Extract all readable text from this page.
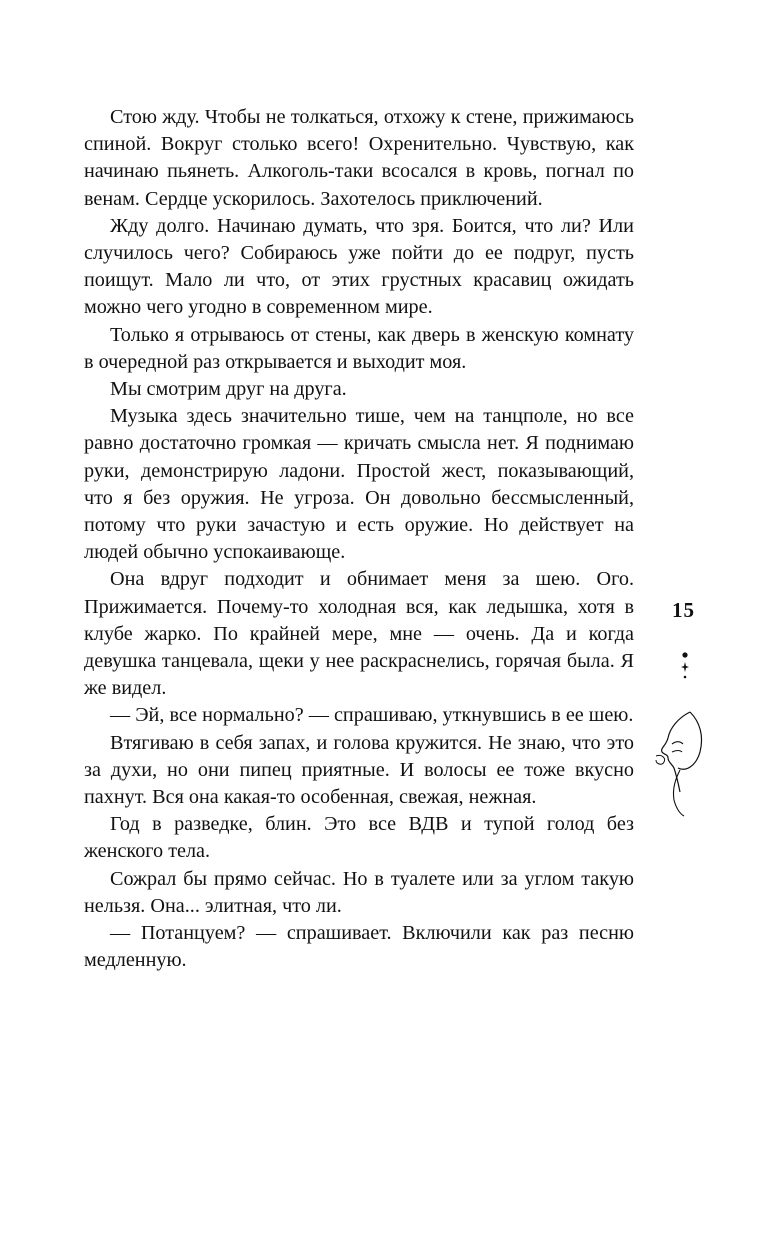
Стою жду. Чтобы не толкаться, отхожу к стене, прижимаюсь спиной. Вокруг столько всего! Охренительно. Чувствую, как начинаю пьянеть. Алкоголь-таки всосался в кровь, погнал по венам. Сердце ускорилось. Захотелось приключений.

Жду долго. Начинаю думать, что зря. Боится, что ли? Или случилось чего? Собираюсь уже пойти до ее подруг, пусть поищут. Мало ли что, от этих грустных красавиц ожидать можно чего угодно в современном мире.

Только я отрываюсь от стены, как дверь в женскую комнату в очередной раз открывается и выходит моя.

Мы смотрим друг на друга.

Музыка здесь значительно тише, чем на танцполе, но все равно достаточно громкая — кричать смысла нет. Я поднимаю руки, демонстрирую ладони. Простой жест, показывающий, что я без оружия. Не угроза. Он довольно бессмысленный, потому что руки зачастую и есть оружие. Но действует на людей обычно успокаивающе.

Она вдруг подходит и обнимает меня за шею. Ого. Прижимается. Почему-то холодная вся, как ледышка, хотя в клубе жарко. По крайней мере, мне — очень. Да и когда девушка танцевала, щеки у нее раскраснелись, горячая была. Я же видел.

— Эй, все нормально? — спрашиваю, уткнувшись в ее шею.

Втягиваю в себя запах, и голова кружится. Не знаю, что это за духи, но они пипец приятные. И волосы ее тоже вкусно пахнут. Вся она какая-то особенная, свежая, нежная.

Год в разведке, блин. Это все ВДВ и тупой голод без женского тела.

Сожрал бы прямо сейчас. Но в туалете или за углом такую нельзя. Она... элитная, что ли.

— Потанцуем? — спрашивает. Включили как раз песню медленную.

15
